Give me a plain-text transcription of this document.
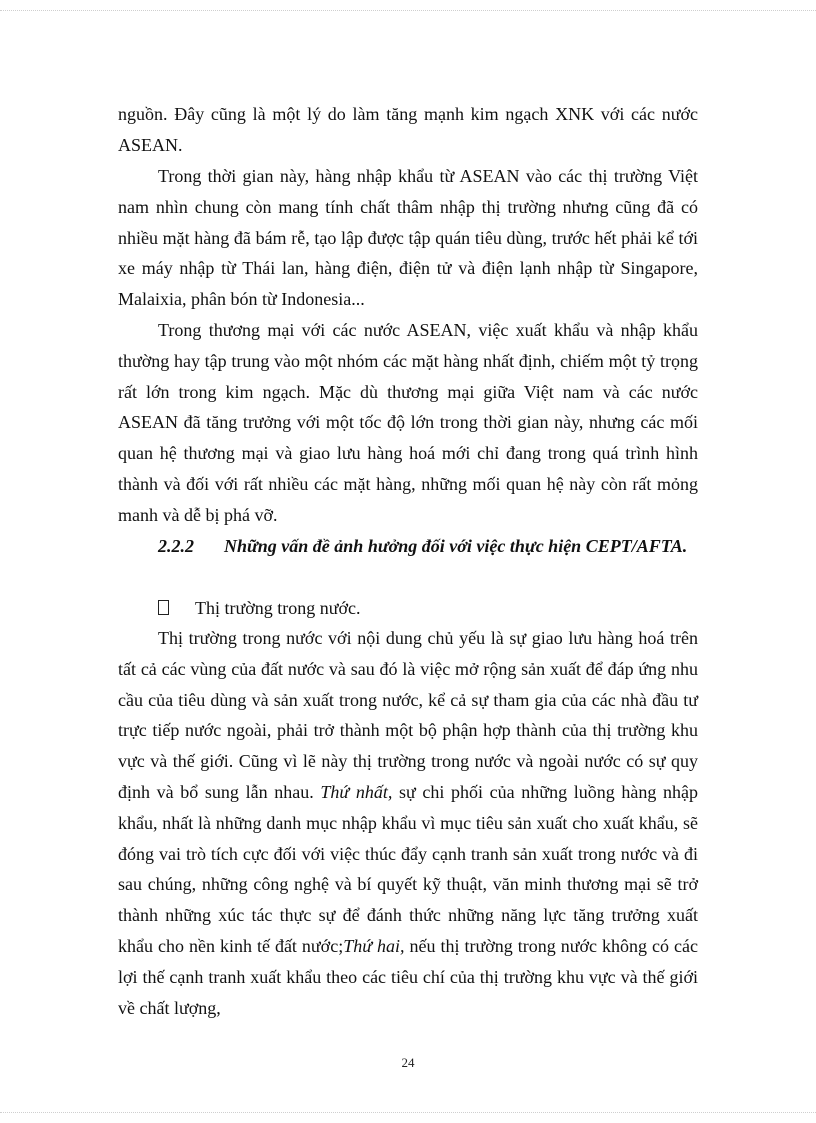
nguồn. Đây cũng là một lý do làm tăng mạnh kim ngạch XNK với các nước ASEAN.

Trong thời gian này, hàng nhập khẩu từ ASEAN vào các thị trường Việt nam nhìn chung còn mang tính chất thâm nhập thị trường nhưng cũng đã có nhiều mặt hàng đã bám rễ, tạo lập được tập quán tiêu dùng, trước hết phải kể tới xe máy nhập từ Thái lan, hàng điện, điện tử và điện lạnh nhập từ Singapore, Malaixia, phân bón từ Indonesia...

Trong thương mại với các nước ASEAN, việc xuất khẩu và nhập khẩu thường hay tập trung vào một nhóm các mặt hàng nhất định, chiếm một tỷ trọng rất lớn trong kim ngạch. Mặc dù thương mại giữa Việt nam và các nước ASEAN đã tăng trưởng với một tốc độ lớn trong thời gian này, nhưng các mối quan hệ thương mại và giao lưu hàng hoá mới chỉ đang trong quá trình hình thành và đối với rất nhiều các mặt hàng, những mối quan hệ này còn rất mỏng manh và dễ bị phá vỡ.

2.2.2 Những vấn đề ảnh hưởng đối với việc thực hiện CEPT/AFTA.
Thị trường trong nước.

Thị trường trong nước với nội dung chủ yếu là sự giao lưu hàng hoá trên tất cả các vùng của đất nước và sau đó là việc mở rộng sản xuất để đáp ứng nhu cầu của tiêu dùng và sản xuất trong nước, kể cả sự tham gia của các nhà đầu tư trực tiếp nước ngoài, phải trở thành một bộ phận hợp thành của thị trường khu vực và thế giới. Cũng vì lẽ này thị trường trong nước và ngoài nước có sự quy định và bổ sung lẫn nhau. Thứ nhất, sự chi phối của những luồng hàng nhập khẩu, nhất là những danh mục nhập khẩu vì mục tiêu sản xuất cho xuất khẩu, sẽ đóng vai trò tích cực đối với việc thúc đẩy cạnh tranh sản xuất trong nước và đi sau chúng, những công nghệ và bí quyết kỹ thuật, văn minh thương mại sẽ trở thành những xúc tác thực sự để đánh thức những năng lực tăng trưởng xuất khẩu cho nền kinh tế đất nước;Thứ hai, nếu thị trường trong nước không có các lợi thế cạnh tranh xuất khẩu theo các tiêu chí của thị trường khu vực và thế giới về chất lượng,

24
